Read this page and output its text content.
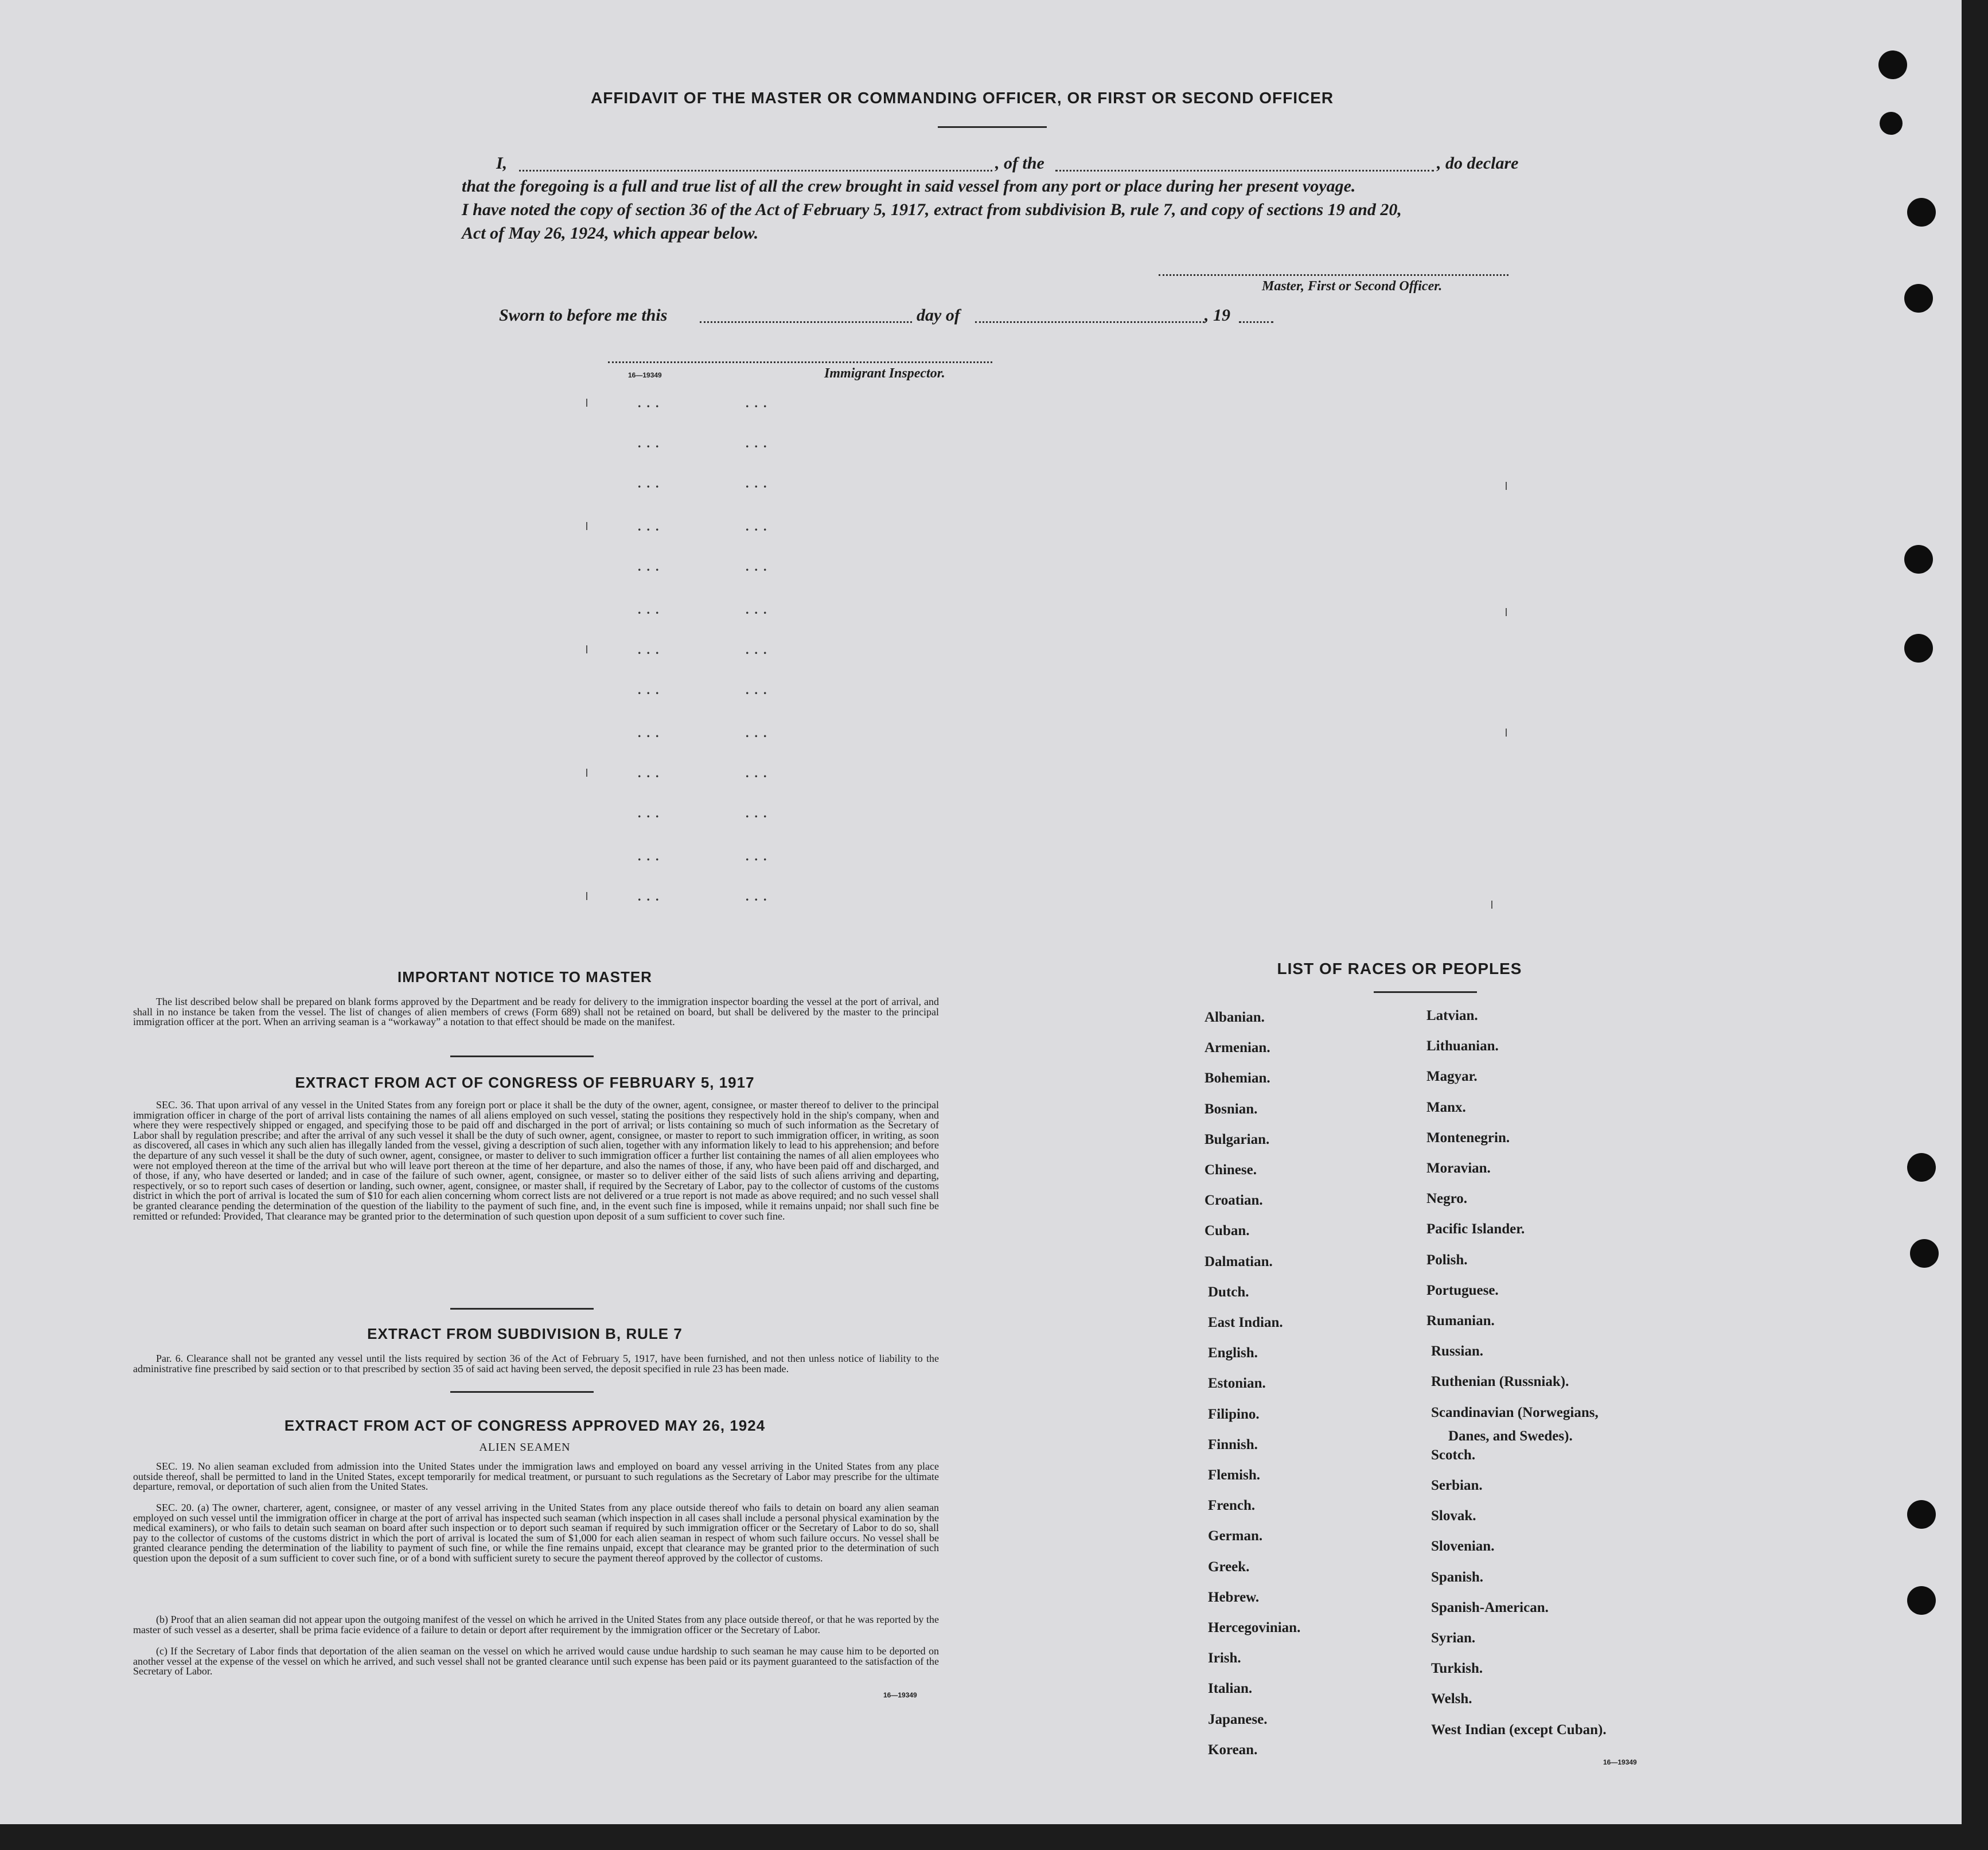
AFFIDAVIT OF THE MASTER OR COMMANDING OFFICER, OR FIRST OR SECOND OFFICER
I,	, of the	, do declare
that the foregoing is a full and true list of all the crew brought in said vessel from any port or place during her present voyage.
I have noted the copy of section 36 of the Act of February 5, 1917, extract from subdivision B, rule 7, and copy of sections 19 and 20,
Act of May 26, 1924, which appear below.
Master, First or Second Officer.
Sworn to before me this	day of	, 19
16—19349	Immigrant Inspector.
...	...
...	...
...	...
...	...
...	...
...	...
...	...
...	...
...	...
...	...
...	...
...	...
...	...
IMPORTANT NOTICE TO MASTER
The list described below shall be prepared on blank forms approved by the Department and be ready for delivery to the immigration inspector boarding the vessel at the port of arrival, and shall in no instance be taken from the vessel. The list of changes of alien members of crews (Form 689) shall not be retained on board, but shall be delivered by the master to the principal immigration officer at the port. When an arriving seaman is a “workaway” a notation to that effect should be made on the manifest.
EXTRACT FROM ACT OF CONGRESS OF FEBRUARY 5, 1917
SEC. 36. That upon arrival of any vessel in the United States from any foreign port or place it shall be the duty of the owner, agent, consignee, or master thereof to deliver to the principal immigration officer in charge of the port of arrival lists containing the names of all aliens employed on such vessel, stating the positions they respectively hold in the ship's company, when and where they were respectively shipped or engaged, and specifying those to be paid off and discharged in the port of arrival; or lists containing so much of such information as the Secretary of Labor shall by regulation prescribe; and after the arrival of any such vessel it shall be the duty of such owner, agent, consignee, or master to report to such immigration officer, in writing, as soon as discovered, all cases in which any such alien has illegally landed from the vessel, giving a description of such alien, together with any information likely to lead to his apprehension; and before the departure of any such vessel it shall be the duty of such owner, agent, consignee, or master to deliver to such immigration officer a further list containing the names of all alien employees who were not employed thereon at the time of the arrival but who will leave port thereon at the time of her departure, and also the names of those, if any, who have been paid off and discharged, and of those, if any, who have deserted or landed; and in case of the failure of such owner, agent, consignee, or master so to deliver either of the said lists of such aliens arriving and departing, respectively, or so to report such cases of desertion or landing, such owner, agent, consignee, or master shall, if required by the Secretary of Labor, pay to the collector of customs of the customs district in which the port of arrival is located the sum of $10 for each alien concerning whom correct lists are not delivered or a true report is not made as above required; and no such vessel shall be granted clearance pending the determination of the question of the liability to the payment of such fine, and, in the event such fine is imposed, while it remains unpaid; nor shall such fine be remitted or refunded: Provided, That clearance may be granted prior to the determination of such question upon deposit of a sum sufficient to cover such fine.
EXTRACT FROM SUBDIVISION B, RULE 7
Par. 6. Clearance shall not be granted any vessel until the lists required by section 36 of the Act of February 5, 1917, have been furnished, and not then unless notice of liability to the administrative fine prescribed by said section or to that prescribed by section 35 of said act having been served, the deposit specified in rule 23 has been made.
EXTRACT FROM ACT OF CONGRESS APPROVED MAY 26, 1924
ALIEN SEAMEN
SEC. 19. No alien seaman excluded from admission into the United States under the immigration laws and employed on board any vessel arriving in the United States from any place outside thereof, shall be permitted to land in the United States, except temporarily for medical treatment, or pursuant to such regulations as the Secretary of Labor may prescribe for the ultimate departure, removal, or deportation of such alien from the United States.
SEC. 20. (a) The owner, charterer, agent, consignee, or master of any vessel arriving in the United States from any place outside thereof who fails to detain on board any alien seaman employed on such vessel until the immigration officer in charge at the port of arrival has inspected such seaman (which inspection in all cases shall include a personal physical examination by the medical examiners), or who fails to detain such seaman on board after such inspection or to deport such seaman if required by such immigration officer or the Secretary of Labor to do so, shall pay to the collector of customs of the customs district in which the port of arrival is located the sum of $1,000 for each alien seaman in respect of whom such failure occurs. No vessel shall be granted clearance pending the determination of the liability to payment of such fine, or while the fine remains unpaid, except that clearance may be granted prior to the determination of such question upon the deposit of a sum sufficient to cover such fine, or of a bond with sufficient surety to secure the payment thereof approved by the collector of customs.
(b) Proof that an alien seaman did not appear upon the outgoing manifest of the vessel on which he arrived in the United States from any place outside thereof, or that he was reported by the master of such vessel as a deserter, shall be prima facie evidence of a failure to detain or deport after requirement by the immigration officer or the Secretary of Labor.
(c) If the Secretary of Labor finds that deportation of the alien seaman on the vessel on which he arrived would cause undue hardship to such seaman he may cause him to be deported on another vessel at the expense of the vessel on which he arrived, and such vessel shall not be granted clearance until such expense has been paid or its payment guaranteed to the satisfaction of the Secretary of Labor.
16—19349
LIST OF RACES OR PEOPLES
Albanian.
Armenian.
Bohemian.
Bosnian.
Bulgarian.
Chinese.
Croatian.
Cuban.
Dalmatian.
Dutch.
East Indian.
English.
Estonian.
Filipino.
Finnish.
Flemish.
French.
German.
Greek.
Hebrew.
Hercegovinian.
Irish.
Italian.
Japanese.
Korean.
Latvian.
Lithuanian.
Magyar.
Manx.
Montenegrin.
Moravian.
Negro.
Pacific Islander.
Polish.
Portuguese.
Rumanian.
Russian.
Ruthenian (Russniak).
Scandinavian (Norwegians,
Scotch.
Serbian.
Slovak.
Slovenian.
Spanish.
Spanish-American.
Syrian.
Turkish.
Welsh.
West Indian (except Cuban).
Danes, and Swedes).
16—19349
